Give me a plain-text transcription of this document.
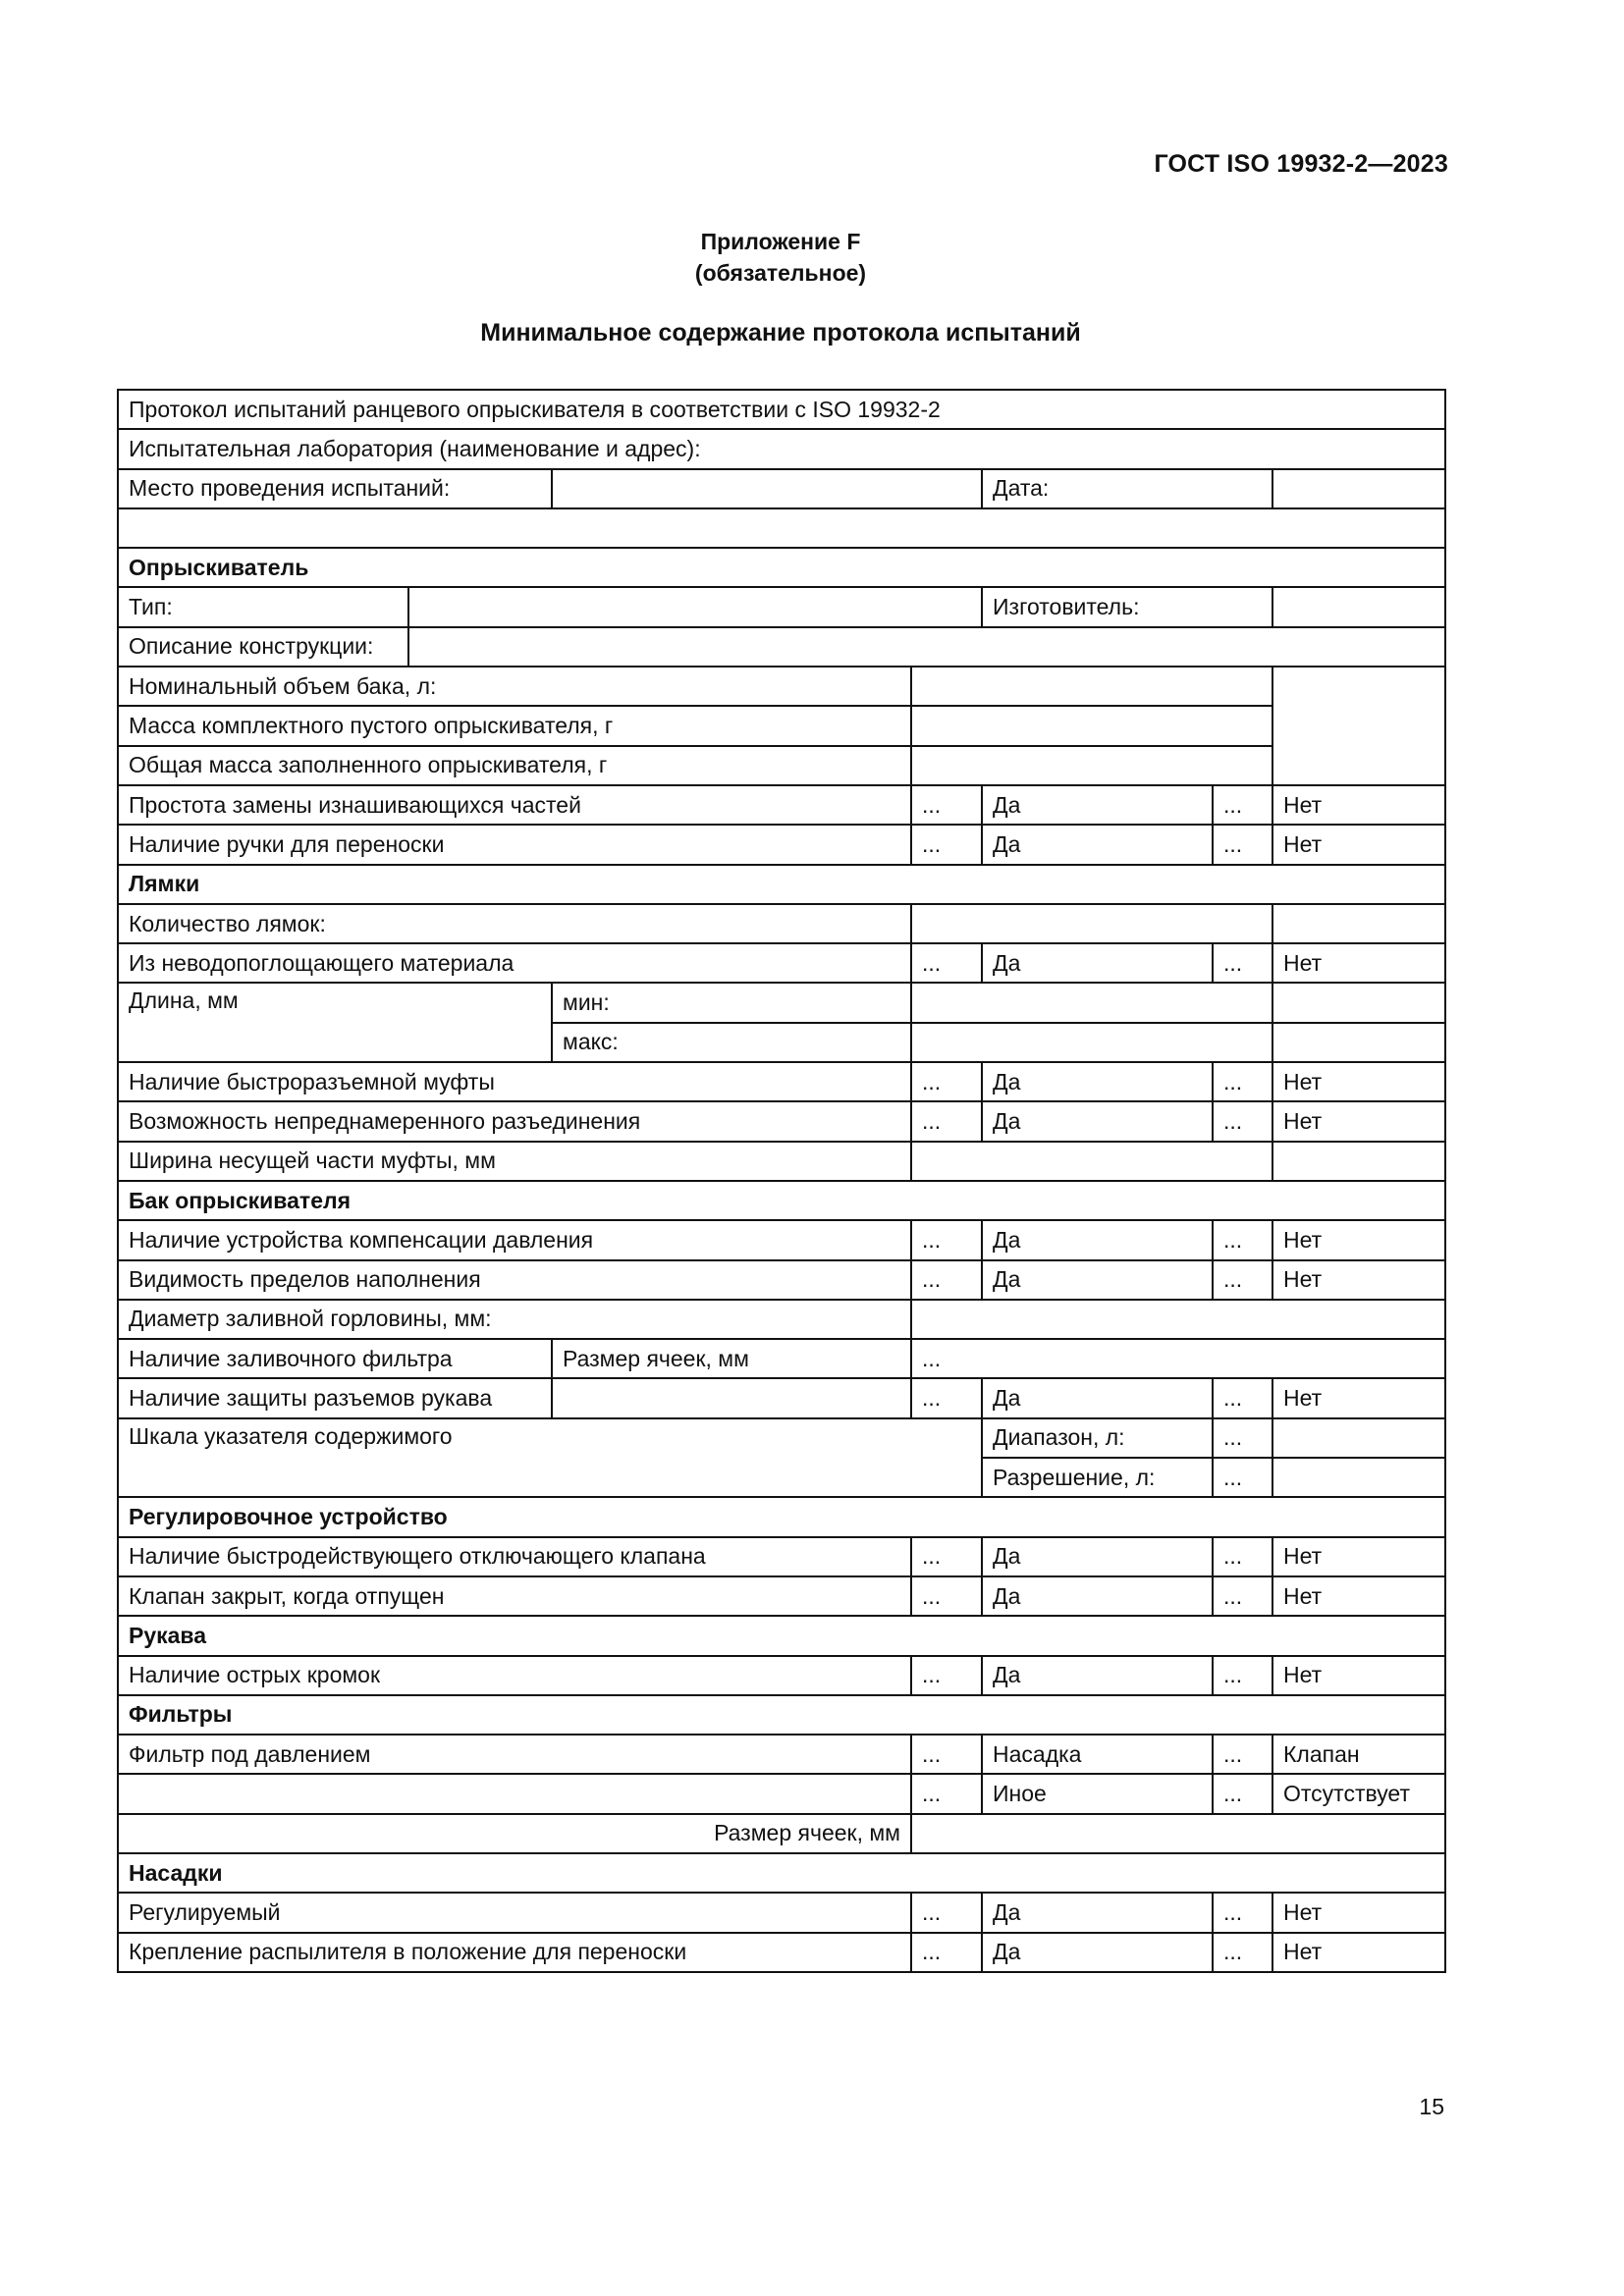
ГОСТ ISO 19932-2—2023
Приложение F
(обязательное)
Минимальное содержание протокола испытаний
Протокол испытаний ранцевого опрыскивателя в соответствии с ISO 19932-2						
Испытательная лаборатория (наименование и адрес):						
Место проведения испытаний:				Дата:		

Опрыскиватель						
Тип:				Изготовитель:		
Описание конструкции:						
Номинальный объем бака, л:						
Масса комплектного пустого опрыскивателя, г						
Общая масса заполненного опрыскивателя, г						
Простота замены изнашивающихся частей			...	Да	...	Нет
Наличие ручки для переноски			...	Да	...	Нет
Лямки						
Количество лямок:						
Из неводопоглощающего материала			...	Да	...	Нет
Длина, мм		мин:				
		макс:				
Наличие быстроразъемной муфты			...	Да	...	Нет
Возможность непреднамеренного разъединения			...	Да	...	Нет
Ширина несущей части муфты, мм						
Бак опрыскивателя						
Наличие устройства компенсации давления			...	Да	...	Нет
Видимость пределов наполнения			...	Да	...	Нет
Диаметр заливной горловины, мм:						
Наличие заливочного фильтра		Размер ячеек, мм	...			
Наличие защиты разъемов рукава			...	Да	...	Нет
Шкала указателя содержимого				Диапазон, л:	...	
				Разрешение, л:	...	
Регулировочное устройство						
Наличие быстродействующего отключающего клапана			...	Да	...	Нет
Клапан закрыт, когда отпущен			...	Да	...	Нет
Рукава						
Наличие острых кромок			...	Да	...	Нет
Фильтры						
Фильтр под давлением			...	Насадка	...	Клапан
			...	Иное	...	Отсутствует
Размер ячеек, мм						
Насадки						
Регулируемый			...	Да	...	Нет
Крепление распылителя в положение для переноски			...	Да	...	Нет
15
